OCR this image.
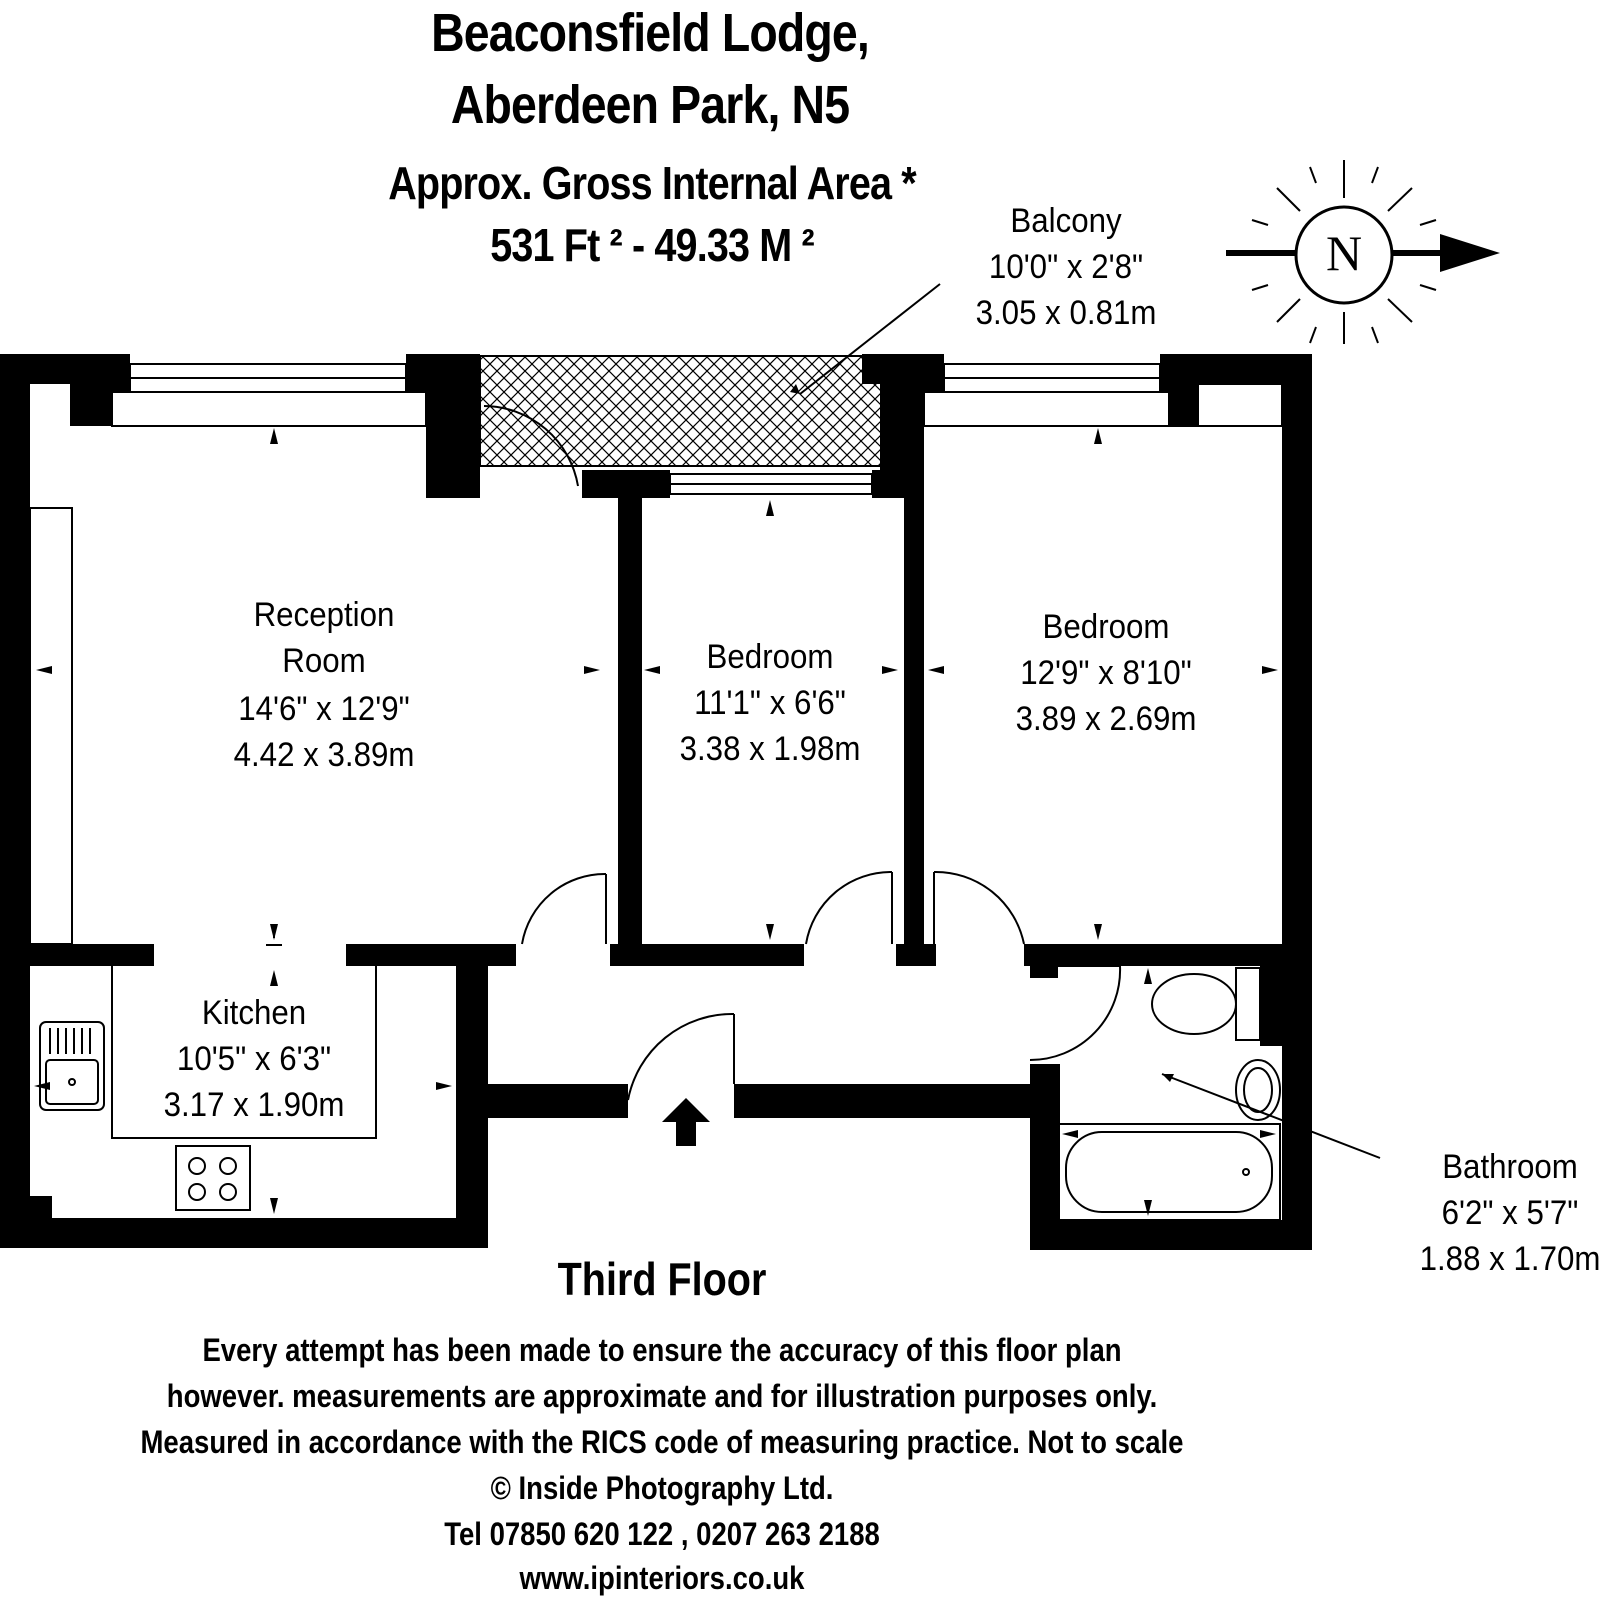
N
Beaconsfield Lodge,
Aberdeen Park, N5
Approx. Gross Internal Area *
531 Ft ² - 49.33 M ²	Balcony
10'0" x 2'8"
3.05 x 0.81m
Reception
Room
14'6" x 12'9"
4.42 x 3.89m
Bedroom
11'1" x 6'6"
3.38 x 1.98m
Bedroom
12'9" x 8'10"
3.89 x 2.69m
Kitchen
10'5" x 6'3"
3.17 x 1.90m
Bathroom
6'2" x 5'7"
1.88 x 1.70m
Third Floor
Every attempt has been made to ensure the accuracy of this floor plan
however. measurements are approximate and for illustration purposes only.
Measured in accordance with the RICS code of measuring practice. Not to scale
© Inside Photography Ltd.
Tel 07850 620 122 , 0207 263 2188
www.ipinteriors.co.uk
